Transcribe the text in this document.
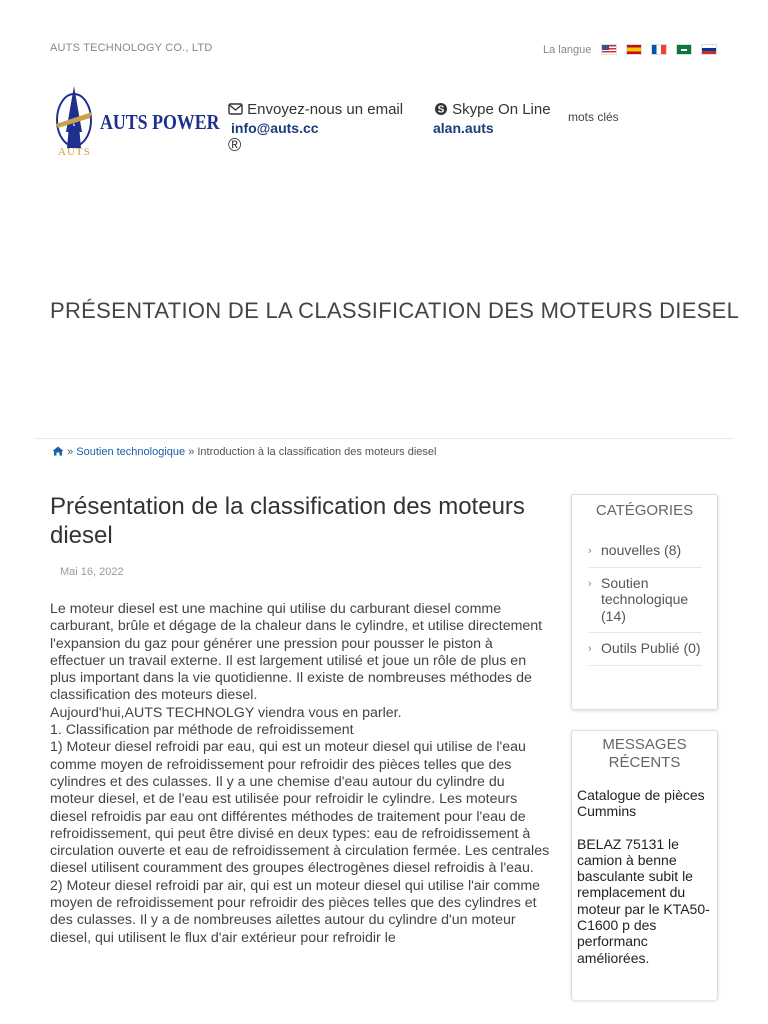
AUTS TECHNOLOGY CO., LTD	La langue
AUTS POWER
AUTS
Envoyez-nous un email
info@auts.cc
®
S Skype On Line
alan.auts
mots clés
PRÉSENTATION DE LA CLASSIFICATION DES MOTEURS DIESEL
» Soutien technologique » Introduction à la classification des moteurs diesel
Présentation de la classification des moteurs diesel
Mai 16, 2022

Le moteur diesel est une machine qui utilise du carburant diesel comme carburant, brûle et dégage de la chaleur dans le cylindre, et utilise directement l'expansion du gaz pour générer une pression pour pousser le piston à effectuer un travail externe. Il est largement utilisé et joue un rôle de plus en plus important dans la vie quotidienne. Il existe de nombreuses méthodes de classification des moteurs diesel.

Aujourd'hui,AUTS TECHNOLGY viendra vous en parler.

1. Classification par méthode de refroidissement

1) Moteur diesel refroidi par eau, qui est un moteur diesel qui utilise de l'eau comme moyen de refroidissement pour refroidir des pièces telles que des cylindres et des culasses. Il y a une chemise d'eau autour du cylindre du moteur diesel, et de l'eau est utilisée pour refroidir le cylindre. Les moteurs diesel refroidis par eau ont différentes méthodes de traitement pour l'eau de refroidissement, qui peut être divisé en deux types: eau de refroidissement à circulation ouverte et eau de refroidissement à circulation fermée. Les centrales diesel utilisent couramment des groupes électrogènes diesel refroidis à l'eau.

2) Moteur diesel refroidi par air, qui est un moteur diesel qui utilise l'air comme moyen de refroidissement pour refroidir des pièces telles que des cylindres et des culasses. Il y a de nombreuses ailettes autour du cylindre d'un moteur diesel, qui utilisent le flux d'air extérieur pour refroidir le

CATÉGORIES
› nouvelles (8)
› Soutien technologique (14)
› Outils Publié (0)
MESSAGES RÉCENTS
Catalogue de pièces Cummins
BELAZ 75131 le camion à benne basculante subit le remplacement du moteur par le KTA50-C1600 p des performanc améliorées.
